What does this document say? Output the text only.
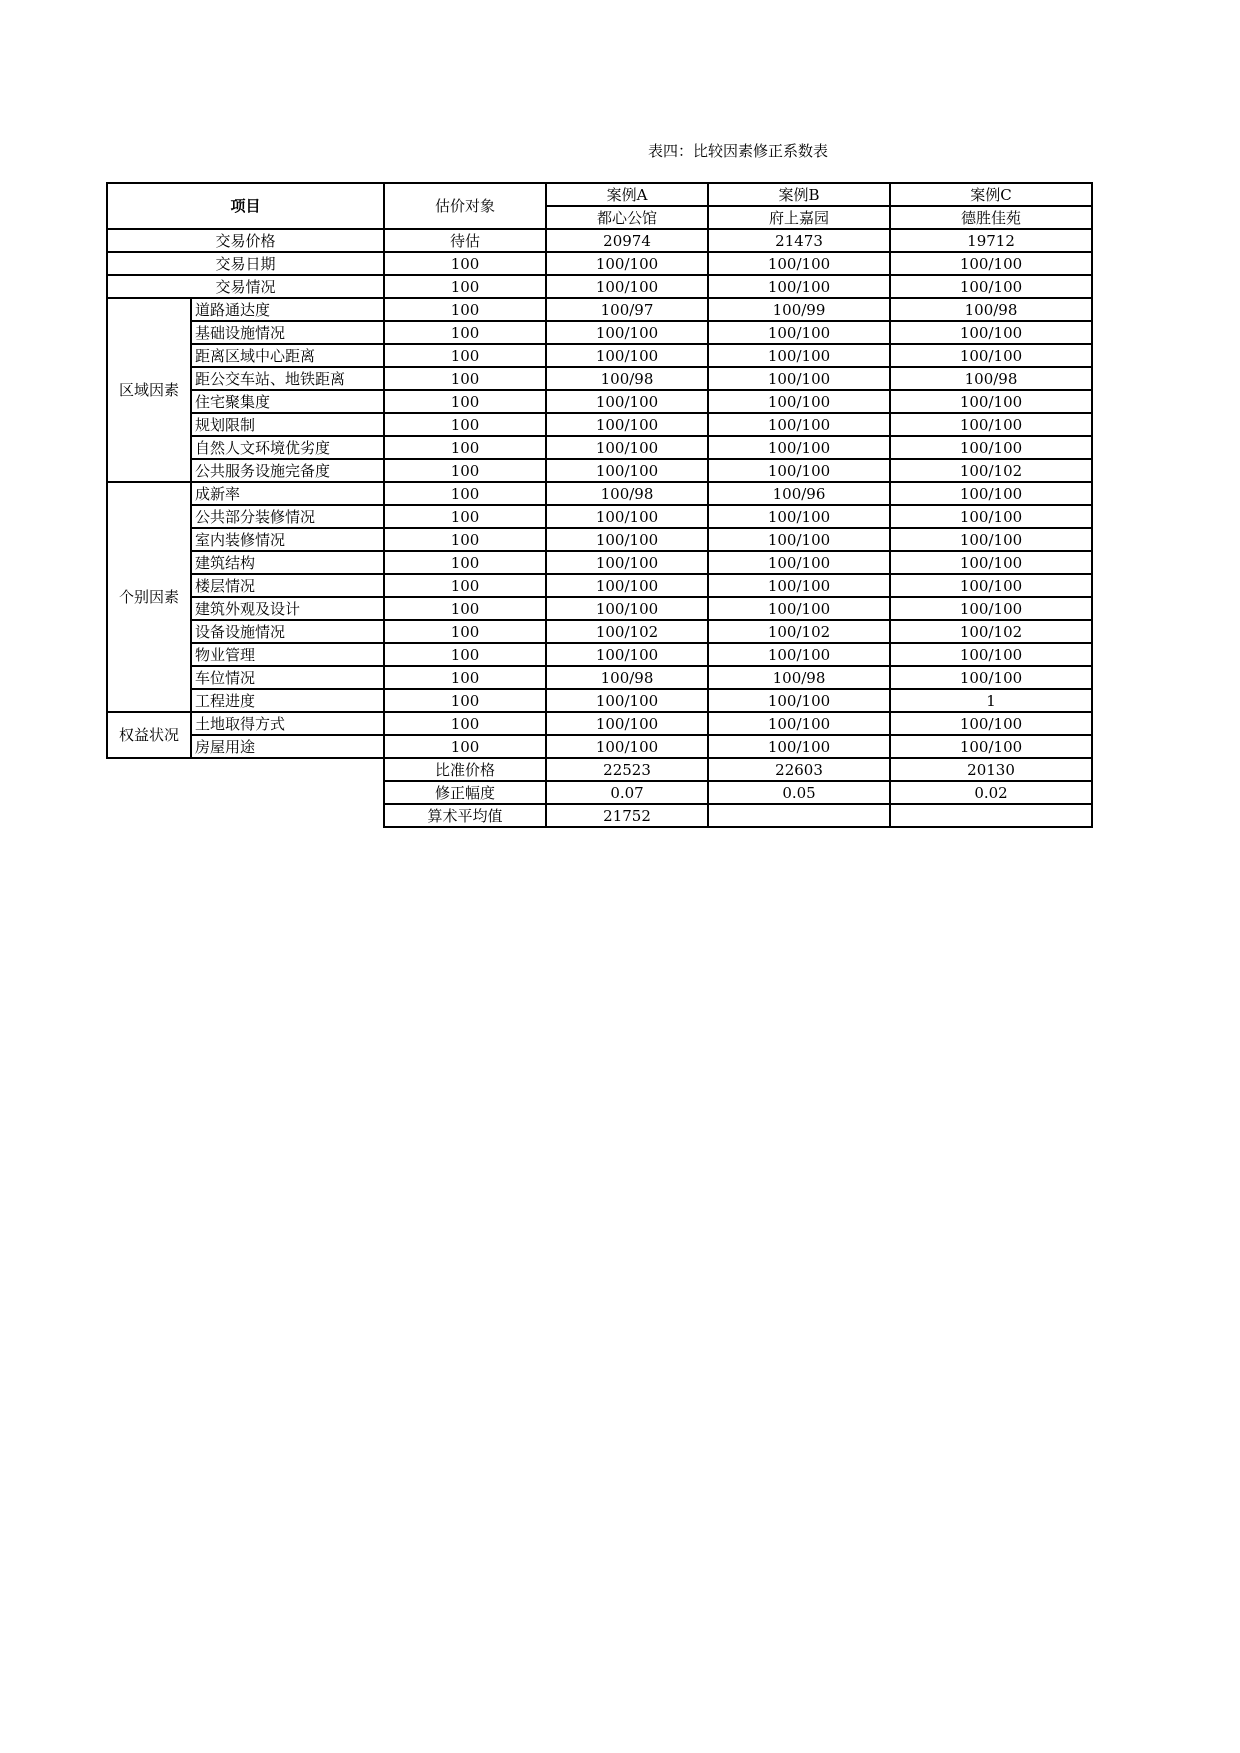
表四：比较因素修正系数表
项目		估价对象	案例A	案例B	案例C
			都心公馆	府上嘉园	德胜佳苑
交易价格		待估	20974	21473	19712
交易日期		100	100/100	100/100	100/100
交易情况		100	100/100	100/100	100/100
区域因素	道路通达度	100	100/97	100/99	100/98
	基础设施情况	100	100/100	100/100	100/100
	距离区域中心距离	100	100/100	100/100	100/100
	距公交车站、地铁距离	100	100/98	100/100	100/98
	住宅聚集度	100	100/100	100/100	100/100
	规划限制	100	100/100	100/100	100/100
	自然人文环境优劣度	100	100/100	100/100	100/100
	公共服务设施完备度	100	100/100	100/100	100/102
个别因素	成新率	100	100/98	100/96	100/100
	公共部分装修情况	100	100/100	100/100	100/100
	室内装修情况	100	100/100	100/100	100/100
	建筑结构	100	100/100	100/100	100/100
	楼层情况	100	100/100	100/100	100/100
	建筑外观及设计	100	100/100	100/100	100/100
	设备设施情况	100	100/102	100/102	100/102
	物业管理	100	100/100	100/100	100/100
	车位情况	100	100/98	100/98	100/100
	工程进度	100	100/100	100/100	1
权益状况	土地取得方式	100	100/100	100/100	100/100
	房屋用途	100	100/100	100/100	100/100
		比准价格	22523	22603	20130
		修正幅度	0.07	0.05	0.02
		算术平均值	21752		
